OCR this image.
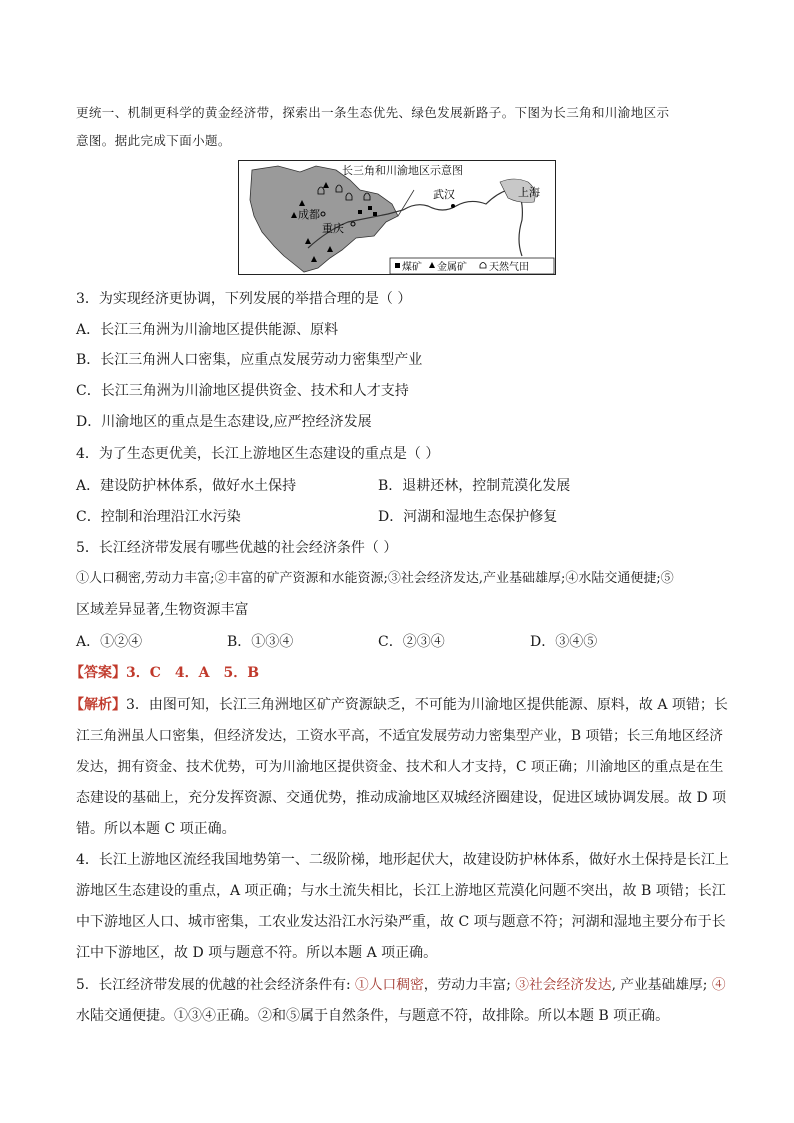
更统一、机制更科学的黄金经济带，探索出一条生态优先、绿色发展新路子。下图为长三角和川渝地区示
意图。据此完成下面小题。
长三角和川渝地区示意图
武汉	上海
成都
重庆
煤矿 金属矿 天然气田
3．为实现经济更协调，下列发展的举措合理的是（ ）
A．长江三角洲为川渝地区提供能源、原料
B．长江三角洲人口密集，应重点发展劳动力密集型产业
C．长江三角洲为川渝地区提供资金、技术和人才支持
D．川渝地区的重点是生态建设,应严控经济发展
4．为了生态更优美，长江上游地区生态建设的重点是（ ）
A．建设防护林体系，做好水土保持	B．退耕还林，控制荒漠化发展
C．控制和治理沿江水污染	D．河湖和湿地生态保护修复
5．长江经济带发展有哪些优越的社会经济条件（ ）
①人口稠密,劳动力丰富;②丰富的矿产资源和水能资源;③社会经济发达,产业基础雄厚;④水陆交通便捷;⑤
区域差异显著,生物资源丰富
A．①②④	B．①③④	C．②③④	D．③④⑤
【答案】3．C　4．A　5．B
【解析】3．由图可知，长江三角洲地区矿产资源缺乏，不可能为川渝地区提供能源、原料，故 A 项错；长
江三角洲虽人口密集，但经济发达，工资水平高，不适宜发展劳动力密集型产业，B 项错；长三角地区经济
发达，拥有资金、技术优势，可为川渝地区提供资金、技术和人才支持，C 项正确；川渝地区的重点是在生
态建设的基础上，充分发挥资源、交通优势，推动成渝地区双城经济圈建设，促进区域协调发展。故 D 项
错。所以本题 C 项正确。
4．长江上游地区流经我国地势第一、二级阶梯，地形起伏大，故建设防护林体系，做好水土保持是长江上
游地区生态建设的重点，A 项正确；与水土流失相比，长江上游地区荒漠化问题不突出，故 B 项错；长江
中下游地区人口、城市密集，工农业发达沿江水污染严重，故 C 项与题意不符；河湖和湿地主要分布于长
江中下游地区，故 D 项与题意不符。所以本题 A 项正确。
5．长江经济带发展的优越的社会经济条件有: ①人口稠密，劳动力丰富; ③社会经济发达, 产业基础雄厚; ④
水陆交通便捷。①③④正确。②和⑤属于自然条件，与题意不符，故排除。所以本题 B 项正确。
